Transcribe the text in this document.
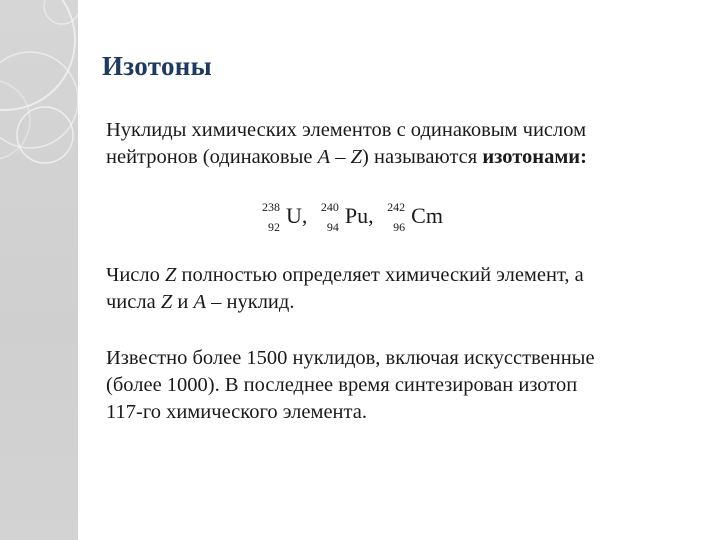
Изотоны

Нуклиды химических элементов с одинаковым числом
нейтронов (одинаковые A – Z) называются изотонами:

238
92 U, 240
94 Pu, 242
96 Cm

Число Z полностью определяет химический элемент, а
числа Z и A – нуклид.

Известно более 1500 нуклидов, включая искусственные
(более 1000). В последнее время синтезирован изотоп
117-го химического элемента.
